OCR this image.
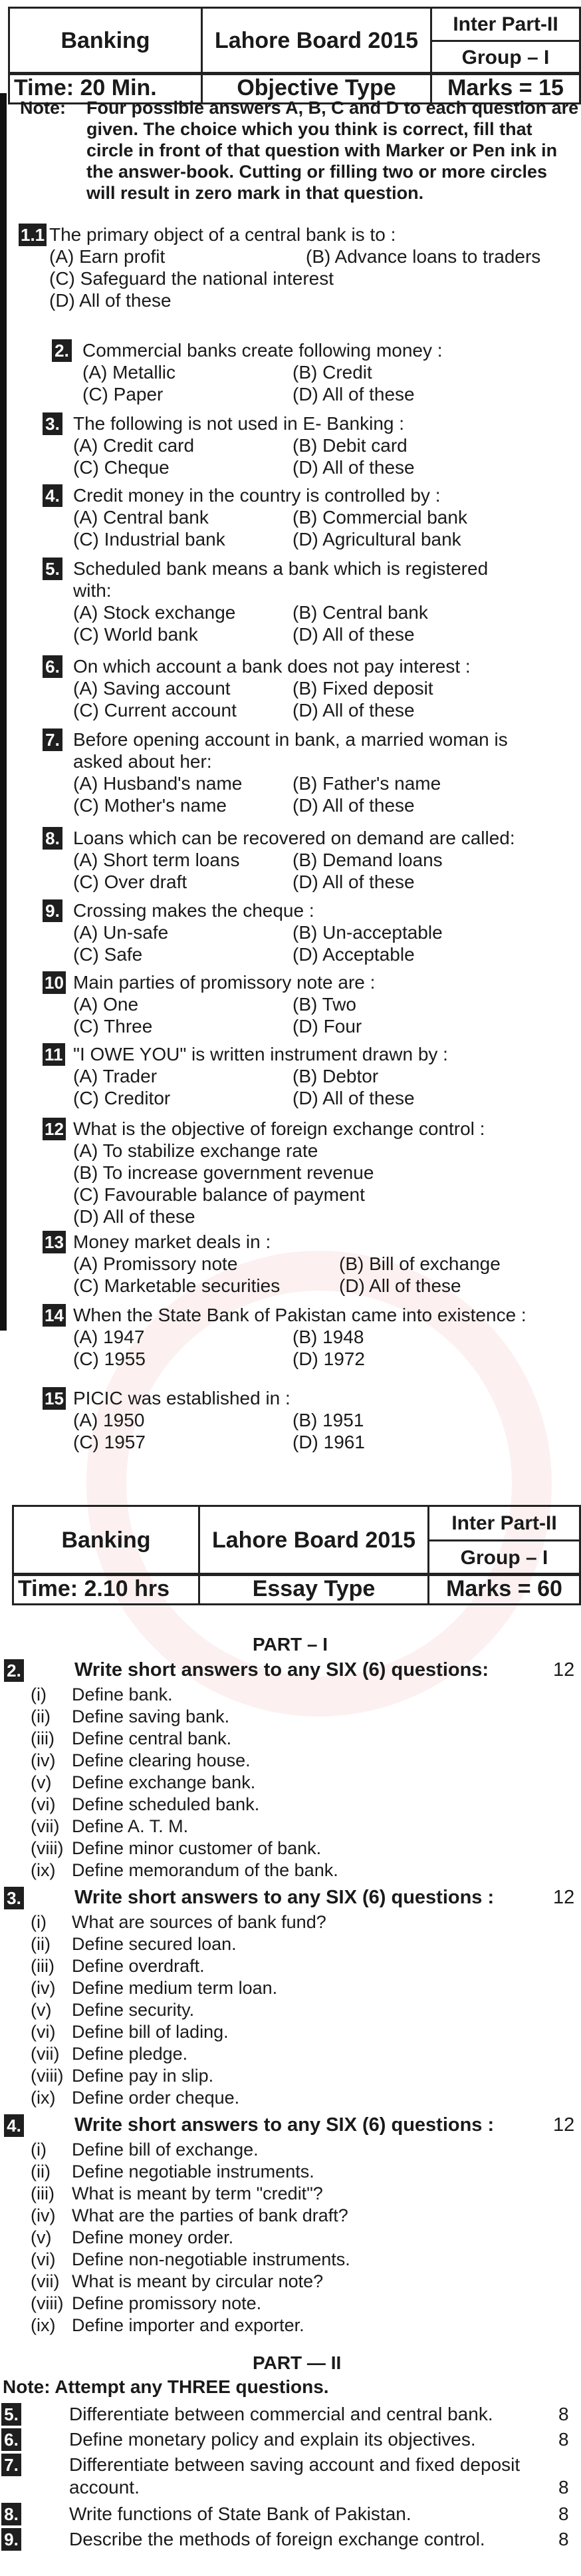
Banking	Lahore Board 2015	Inter Part-II
Group – I
Time: 20 Min.	Objective Type	Marks = 15
Note: Four possible answers A, B, C and D to each question are given. The choice which you think is correct, fill that circle in front of that question with Marker or Pen ink in the answer-book. Cutting or filling two or more circles will result in zero mark in that question.
1.1 The primary object of a central bank is to :
(A) Earn profit	(B) Advance loans to traders
(C) Safeguard the national interest
(D) All of these
2. Commercial banks create following money :
(A) Metallic	(B) Credit
(C) Paper	(D) All of these
3. The following is not used in E- Banking :
(A) Credit card	(B) Debit card
(C) Cheque	(D) All of these
4. Credit money in the country is controlled by :
(A) Central bank	(B) Commercial bank
(C) Industrial bank	(D) Agricultural bank
5. Scheduled bank means a bank which is registered
with:
(A) Stock exchange	(B) Central bank
(C) World bank	(D) All of these
6. On which account a bank does not pay interest :
(A) Saving account	(B) Fixed deposit
(C) Current account	(D) All of these
7. Before opening account in bank, a married woman is
asked about her:
(A) Husband's name	(B) Father's name
(C) Mother's name	(D) All of these
8. Loans which can be recovered on demand are called:
(A) Short term loans	(B) Demand loans
(C) Over draft	(D) All of these
9. Crossing makes the cheque :
(A) Un-safe	(B) Un-acceptable
(C) Safe	(D) Acceptable
10 Main parties of promissory note are :
(A) One	(B) Two
(C) Three	(D) Four
11 "I OWE YOU" is written instrument drawn by :
(A) Trader	(B) Debtor
(C) Creditor	(D) All of these
12 What is the objective of foreign exchange control :
(A) To stabilize exchange rate
(B) To increase government revenue
(C) Favourable balance of payment
(D) All of these
13 Money market deals in :
(A) Promissory note	(B) Bill of exchange
(C) Marketable securities	(D) All of these
14 When the State Bank of Pakistan came into existence :
(A) 1947	(B) 1948
(C) 1955	(D) 1972
15 PICIC was established in :
(A) 1950	(B) 1951
(C) 1957	(D) 1961
Banking	Lahore Board 2015	Inter Part-II
Group – I
Time: 2.10 hrs	Essay Type	Marks = 60
PART – I
2.	Write short answers to any SIX (6) questions:	12
(i) Define bank.
(ii) Define saving bank.
(iii) Define central bank.
(iv) Define clearing house.
(v) Define exchange bank.
(vi) Define scheduled bank.
(vii) Define A. T. M.
(viii) Define minor customer of bank.
(ix) Define memorandum of the bank.
3.	Write short answers to any SIX (6) questions :	12
(i) What are sources of bank fund?
(ii) Define secured loan.
(iii) Define overdraft.
(iv) Define medium term loan.
(v) Define security.
(vi) Define bill of lading.
(vii) Define pledge.
(viii) Define pay in slip.
(ix) Define order cheque.
4.	Write short answers to any SIX (6) questions :	12
(i) Define bill of exchange.
(ii) Define negotiable instruments.
(iii) What is meant by term "credit"?
(iv) What are the parties of bank draft?
(v) Define money order.
(vi) Define non-negotiable instruments.
(vii) What is meant by circular note?
(viii) Define promissory note.
(ix) Define importer and exporter.
PART — II
Note: Attempt any THREE questions.
5.	Differentiate between commercial and central bank.	8
6.	Define monetary policy and explain its objectives.	8
7.	Differentiate between saving account and fixed deposit
account.	8
8.	Write functions of State Bank of Pakistan.	8
9.	Describe the methods of foreign exchange control.	8
